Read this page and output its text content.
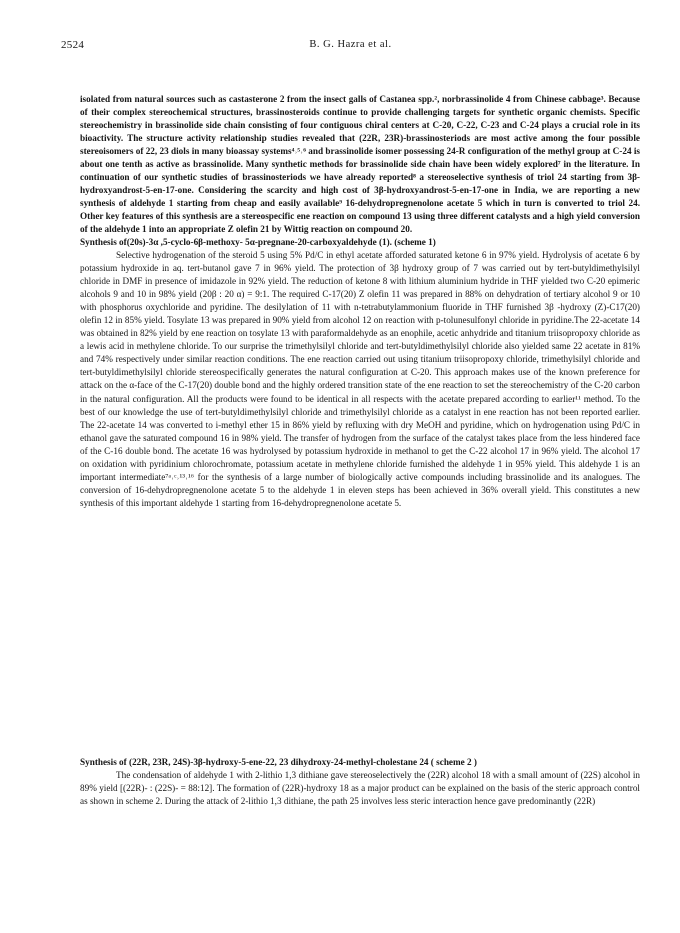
2524	B. G. Hazra et al.
isolated from natural sources such as castasterone 2 from the insect galls of Castanea spp.², norbrassinolide 4 from Chinese cabbage³. Because of their complex stereochemical structures, brassinosteroids continue to provide challenging targets for synthetic organic chemists. Specific stereochemistry in brassinolide side chain consisting of four contiguous chiral centers at C-20, C-22, C-23 and C-24 plays a crucial role in its bioactivity. The structure activity relationship studies revealed that (22R, 23R)-brassinosteriods are most active among the four possible stereoisomers of 22, 23 diols in many bioassay systems⁴˒⁵˒⁶ and brassinolide isomer possessing 24-R configuration of the methyl group at C-24 is about one tenth as active as brassinolide. Many synthetic methods for brassinolide side chain have been widely explored⁷ in the literature. In continuation of our synthetic studies of brassinosteriods we have already reported⁸ a stereoselective synthesis of triol 24 starting from 3β-hydroxyandrost-5-en-17-one. Considering the scarcity and high cost of 3β-hydroxyandrost-5-en-17-one in India, we are reporting a new synthesis of aldehyde 1 starting from cheap and easily available⁹ 16-dehydropregnenolone acetate 5 which in turn is converted to triol 24. Other key features of this synthesis are a stereospecific ene reaction on compound 13 using three different catalysts and a high yield conversion of the aldehyde 1 into an appropriate Z olefin 21 by Wittig reaction on compound 20.
Synthesis of(20s)-3α ,5-cyclo-6β-methoxy- 5α-pregnane-20-carboxyaldehyde (1). (scheme 1)
Selective hydrogenation of the steroid 5 using 5% Pd/C in ethyl acetate afforded saturated ketone 6 in 97% yield. Hydrolysis of acetate 6 by potassium hydroxide in aq. tert-butanol gave 7 in 96% yield. The protection of 3β hydroxy group of 7 was carried out by tert-butyldimethylsilyl chloride in DMF in presence of imidazole in 92% yield. The reduction of ketone 8 with lithium aluminium hydride in THF yielded two C-20 epimeric alcohols 9 and 10 in 98% yield (20β : 20 α) = 9:1. The required C-17(20) Z olefin 11 was prepared in 88% on dehydration of tertiary alcohol 9 or 10 with phosphorus oxychloride and pyridine. The desilylation of 11 with n-tetrabutylammonium fluoride in THF furnished 3β -hydroxy (Z)-C17(20) olefin 12 in 85% yield. Tosylate 13 was prepared in 90% yield from alcohol 12 on reaction with p-tolunesulfonyl chloride in pyridine.The 22-acetate 14 was obtained in 82% yield by ene reaction on tosylate 13 with paraformaldehyde as an enophile, acetic anhydride and titanium triisopropoxy chloride as a lewis acid in methylene chloride. To our surprise the trimethylsilyl chloride and tert-butyldimethylsilyl chloride also yielded same 22 acetate in 81% and 74% respectively under similar reaction conditions. The ene reaction carried out using titanium triisopropoxy chloride, trimethylsilyl chloride and tert-butyldimethylsilyl chloride stereospecifically generates the natural configuration at C-20. This approach makes use of the known preference for attack on the α-face of the C-17(20) double bond and the highly ordered transition state of the ene reaction to set the stereochemistry of the C-20 carbon in the natural configuration. All the products were found to be identical in all respects with the acetate prepared according to earlier¹¹ method. To the best of our knowledge the use of tert-butyldimethylsilyl chloride and trimethylsilyl chloride as a catalyst in ene reaction has not been reported earlier. The 22-acetate 14 was converted to i-methyl ether 15 in 86% yield by refluxing with dry MeOH and pyridine, which on hydrogenation using Pd/C in ethanol gave the saturated compound 16 in 98% yield. The transfer of hydrogen from the surface of the catalyst takes place from the less hindered face of the C-16 double bond. The acetate 16 was hydrolysed by potassium hydroxide in methanol to get the C-22 alcohol 17 in 96% yield. The alcohol 17 on oxidation with pyridinium chlorochromate, potassium acetate in methylene chloride furnished the aldehyde 1 in 95% yield. This aldehyde 1 is an important intermediate⁷ᵃ˒ᶜ˒¹³˒¹⁶ for the synthesis of a large number of biologically active compounds including brassinolide and its analogues. The conversion of 16-dehydropregnenolone acetate 5 to the aldehyde 1 in eleven steps has been achieved in 36% overall yield. This constitutes a new synthesis of this important aldehyde 1 starting from 16-dehydropregnenolone acetate 5.
Synthesis of (22R, 23R, 24S)-3β-hydroxy-5-ene-22, 23 dihydroxy-24-methyl-cholestane 24 ( scheme 2 )
The condensation of aldehyde 1 with 2-lithio 1,3 dithiane gave stereoselectively the (22R) alcohol 18 with a small amount of (22S) alcohol in 89% yield [(22R)- : (22S)- = 88:12]. The formation of (22R)-hydroxy 18 as a major product can be explained on the basis of the steric approach control as shown in scheme 2. During the attack of 2-lithio 1,3 dithiane, the path 25 involves less steric interaction hence gave predominantly (22R)
